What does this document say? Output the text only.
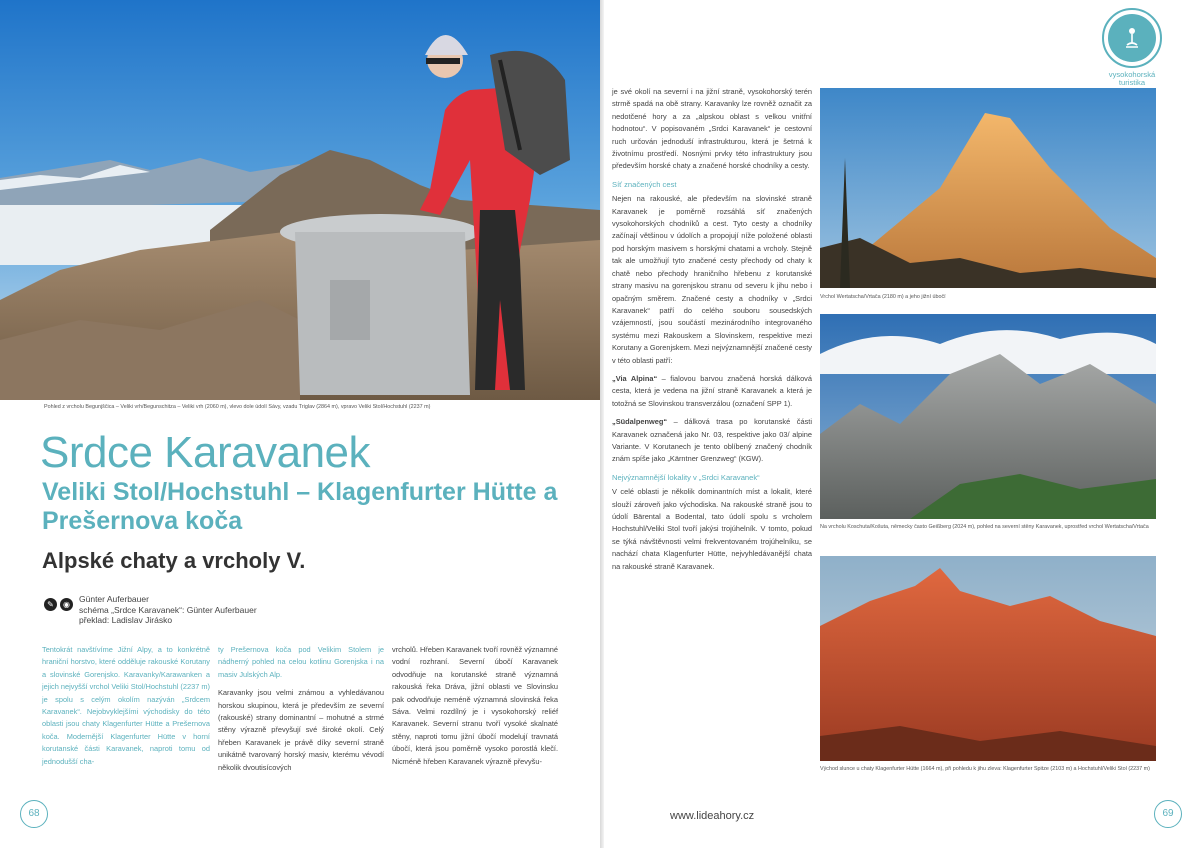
Pohled z vrcholu Begunjščica – Veliki vrh/Begunschitza – Veliki vrh (2060 m), vlevo dole údolí Sávy, vzadu Triglav (2864 m), vpravo Veliki Stol/Hochstuhl (2237 m)
Srdce Karavanek
Veliki Stol/Hochstuhl – Klagenfurter Hütte a Prešernova koča
Alpské chaty a vrcholy V.
✎	◉
Günter Auferbauer
schéma „Srdce Karavanek“: Günter Auferbauer
překlad: Ladislav Jirásko

Tentokrát navštívíme Jižní Alpy, a to konkrétně hraniční horstvo, které odděluje rakouské Korutany a slovinské Gorenjsko. Karavanky/Karawanken a jejich nejvyšší vrchol Veliki Stol/Hochstuhl (2237 m) je spolu s celým okolím nazýván „Srdcem Karavanek“. Nejobvyklejšími východisky do této oblasti jsou chaty Klagenfurter Hütte a Prešernova koča. Modernější Klagenfurter Hütte v horní korutanské části Karavanek, naproti tomu od jednodušší cha-

ty Prešernova koča pod Velikim Stolem je nádherný pohled na celou kotlinu Gorenjska i na masiv Julských Alp.

Karavanky jsou velmi známou a vyhledávanou horskou skupinou, která je především ze severní (rakouské) strany dominantní – mohutné a strmé stěny výrazně převyšují své široké okolí. Celý hřeben Karavanek je právě díky severní straně unikátně tvarovaný horský masiv, kterému vévodí několik dvoutisícových

vrcholů. Hřeben Karavanek tvoří rovněž významné vodní rozhraní. Severní úbočí Karavanek odvodňuje na korutanské straně významná rakouská řeka Dráva, jižní oblasti ve Slovinsku pak odvodňuje neméně významná slovinská řeka Sáva. Velmi rozdílný je i vysokohorský reliéf Karavanek. Severní stranu tvoří vysoké skalnaté stěny, naproti tomu jižní úbočí modelují travnatá úbočí, která jsou poměrně vysoko porostlá klečí. Nicméně hřeben Karavanek výrazně převyšu-

68
vysokohorská
turistika

je své okolí na severní i na jižní straně, vysokohorský terén strmě spadá na obě strany. Karavanky lze rovněž označit za nedotčené hory a za „alpskou oblast s velkou vnitřní hodnotou“. V popisovaném „Srdci Karavanek“ je cestovní ruch určován jednoduší infrastrukturou, která je šetrná k životnímu prostředí. Nosnými prvky této infrastruktury jsou především horské chaty a značené horské chodníky a cesty.

Síť značených cest

Nejen na rakouské, ale především na slovinské straně Karavanek je poměrně rozsáhlá síť značených vysokohorských chodníků a cest. Tyto cesty a chodníky začínají většinou v údolích a propojují níže položené oblasti pod horským masivem s horskými chatami a vrcholy. Stejně tak ale umožňují tyto značené cesty přechody od chaty k chatě nebo přechody hraničního hřebenu z korutanské strany masivu na gorenjskou stranu od severu k jihu nebo i opačným směrem. Značené cesty a chodníky v „Srdci Karavanek“ patří do celého souboru sousedských vzájemností, jsou součástí mezinárodního integrovaného systému mezi Rakouskem a Slovinskem, respektive mezi Korutany a Gorenjskem. Mezi nejvýznamnější značené cesty v této oblasti patří:

„Via Alpina“ – fialovou barvou značená horská dálková cesta, která je vedena na jižní straně Karavanek a která je totožná se Slovinskou transverzálou (označení SPP 1).

„Südalpenweg“ – dálková trasa po korutanské části Karavanek označená jako Nr. 03, respektive jako 03/ alpine Variante. V Korutanech je tento oblíbený značený chodník znám spíše jako „Kärntner Grenzweg“ (KGW).

Nejvýznamnější lokality v „Srdci Karavanek“

V celé oblasti je několik dominantních míst a lokalit, které slouží zároveň jako východiska. Na rakouské straně jsou to údolí Bärental a Bodental, tato údolí spolu s vrcholem Hochstuhl/Veliki Stol tvoří jakýsi trojúhelník. V tomto, pokud se týká návštěvnosti velmi frekventovaném trojúhelníku, se nachází chata Klagenfurter Hütte, nejvyhledávanější chata na rakouské straně Karavanek.

Vrchol Wertatscha/Vrtača (2180 m) a jeho jižní úbočí
Na vrcholu Koschuta/Košuta, německy často Geißberg (2024 m), pohled na severní stěny Karavanek, uprostřed vrchol Wertatscha/Vrtača
Východ slunce u chaty Klagenfurter Hütte (1664 m), při pohledu k jihu zleva: Klagenfurter Spitze (2103 m) a Hochstuhl/Veliki Stol (2237 m)
www.lideahory.cz	69
